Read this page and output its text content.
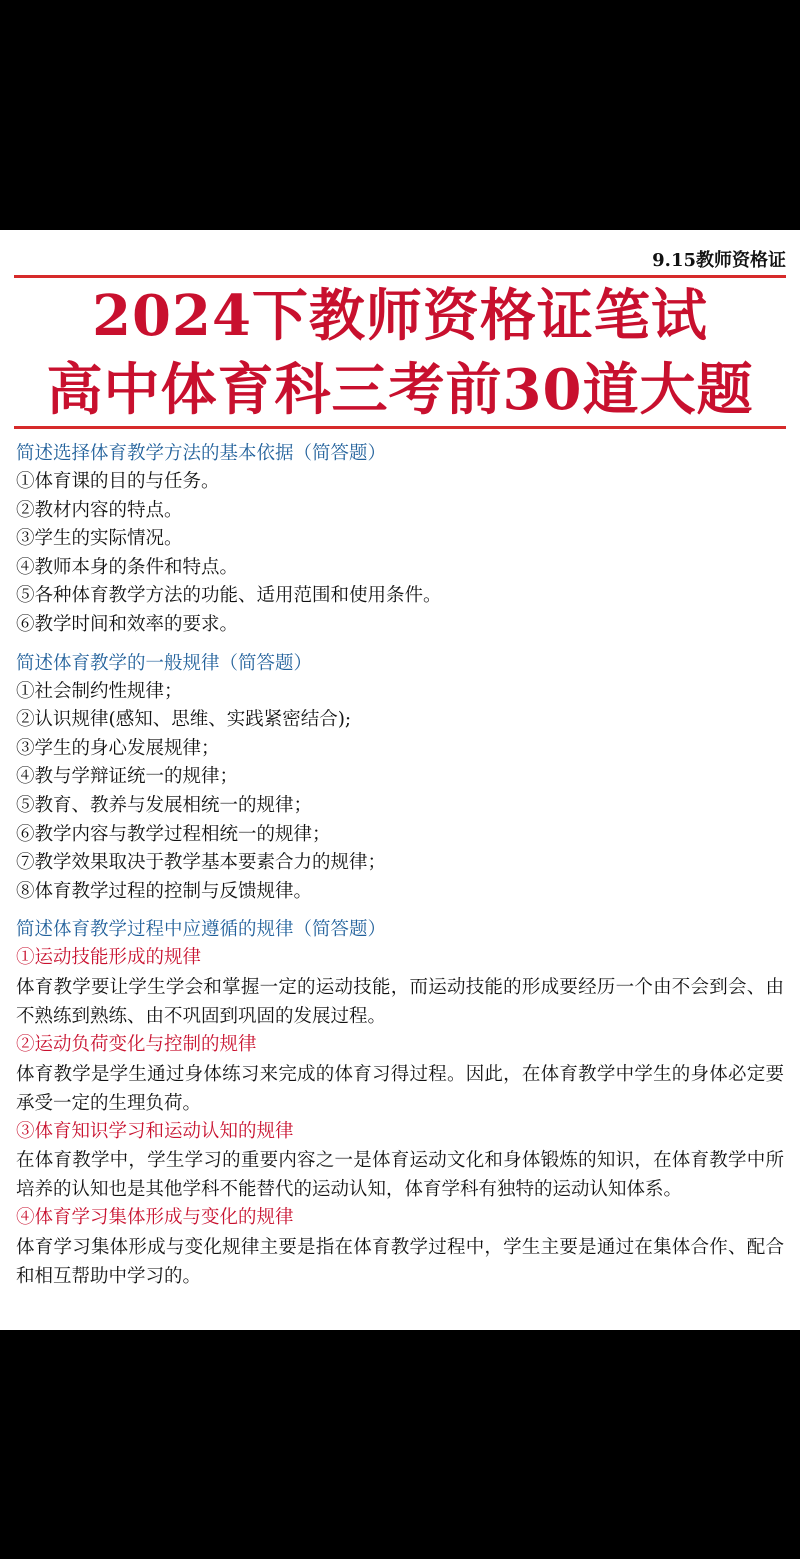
9.15教师资格证
2024下教师资格证笔试
高中体育科三考前30道大题
简述选择体育教学方法的基本依据（简答题）
①体育课的目的与任务。
②教材内容的特点。
③学生的实际情况。
④教师本身的条件和特点。
⑤各种体育教学方法的功能、适用范围和使用条件。
⑥教学时间和效率的要求。
简述体育教学的一般规律（简答题）
①社会制约性规律；
②认识规律(感知、思维、实践紧密结合);
③学生的身心发展规律；
④教与学辩证统一的规律；
⑤教育、教养与发展相统一的规律；
⑥教学内容与教学过程相统一的规律；
⑦教学效果取决于教学基本要素合力的规律；
⑧体育教学过程的控制与反馈规律。
简述体育教学过程中应遵循的规律（简答题）
①运动技能形成的规律
体育教学要让学生学会和掌握一定的运动技能，而运动技能的形成要经历一个由不会到会、由不熟练到熟练、由不巩固到巩固的发展过程。
②运动负荷变化与控制的规律
体育教学是学生通过身体练习来完成的体育习得过程。因此，在体育教学中学生的身体必定要承受一定的生理负荷。
③体育知识学习和运动认知的规律
在体育教学中，学生学习的重要内容之一是体育运动文化和身体锻炼的知识，在体育教学中所培养的认知也是其他学科不能替代的运动认知，体育学科有独特的运动认知体系。
④体育学习集体形成与变化的规律
体育学习集体形成与变化规律主要是指在体育教学过程中，学生主要是通过在集体合作、配合和相互帮助中学习的。
